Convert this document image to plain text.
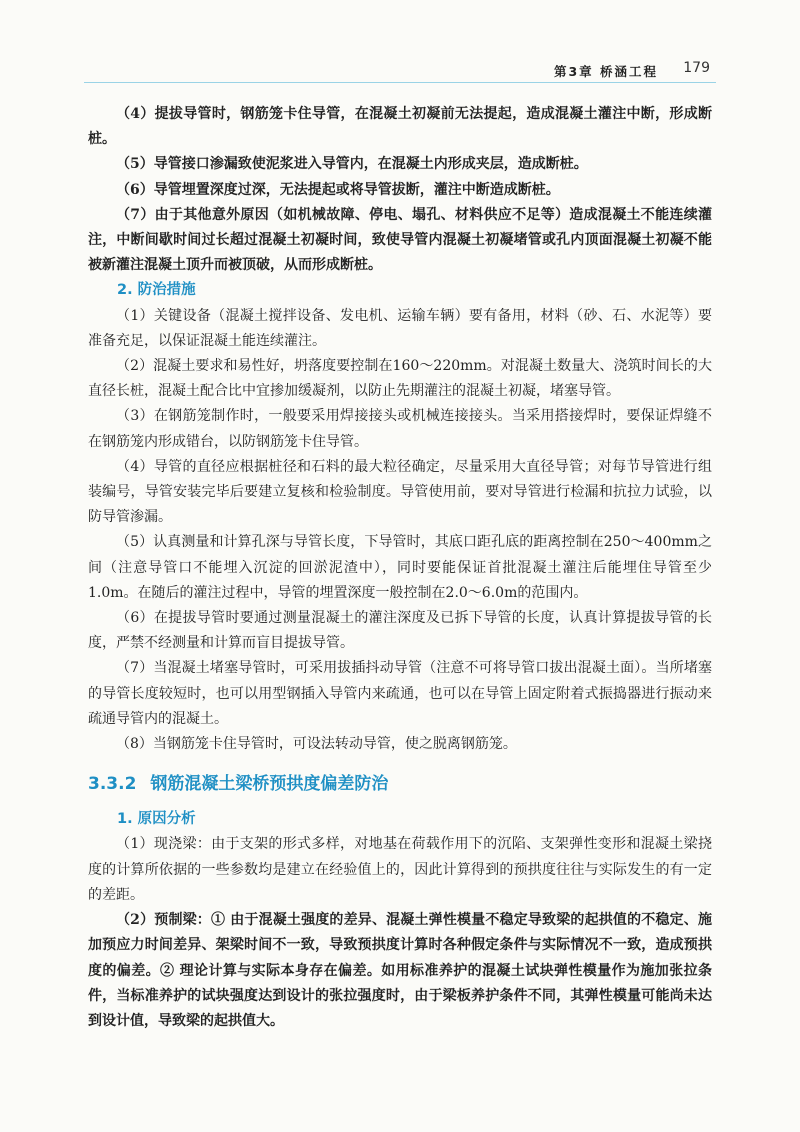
第3章 桥涵工程 179

（4）提拔导管时，钢筋笼卡住导管，在混凝土初凝前无法提起，造成混凝土灌注中断，形成断桩。

（5）导管接口渗漏致使泥浆进入导管内，在混凝土内形成夹层，造成断桩。

（6）导管埋置深度过深，无法提起或将导管拔断，灌注中断造成断桩。

（7）由于其他意外原因（如机械故障、停电、塌孔、材料供应不足等）造成混凝土不能连续灌注，中断间歇时间过长超过混凝土初凝时间，致使导管内混凝土初凝堵管或孔内顶面混凝土初凝不能被新灌注混凝土顶升而被顶破，从而形成断桩。

2. 防治措施

（1）关键设备（混凝土搅拌设备、发电机、运输车辆）要有备用，材料（砂、石、水泥等）要准备充足，以保证混凝土能连续灌注。

（2）混凝土要求和易性好，坍落度要控制在160～220mm。对混凝土数量大、浇筑时间长的大直径长桩，混凝土配合比中宜掺加缓凝剂，以防止先期灌注的混凝土初凝，堵塞导管。

（3）在钢筋笼制作时，一般要采用焊接接头或机械连接接头。当采用搭接焊时，要保证焊缝不在钢筋笼内形成错台，以防钢筋笼卡住导管。

（4）导管的直径应根据桩径和石料的最大粒径确定，尽量采用大直径导管；对每节导管进行组装编号，导管安装完毕后要建立复核和检验制度。导管使用前，要对导管进行检漏和抗拉力试验，以防导管渗漏。

（5）认真测量和计算孔深与导管长度，下导管时，其底口距孔底的距离控制在250～400mm之间（注意导管口不能埋入沉淀的回淤泥渣中），同时要能保证首批混凝土灌注后能埋住导管至少1.0m。在随后的灌注过程中，导管的埋置深度一般控制在2.0～6.0m的范围内。

（6）在提拔导管时要通过测量混凝土的灌注深度及已拆下导管的长度，认真计算提拔导管的长度，严禁不经测量和计算而盲目提拔导管。

（7）当混凝土堵塞导管时，可采用拔插抖动导管（注意不可将导管口拔出混凝土面）。当所堵塞的导管长度较短时，也可以用型钢插入导管内来疏通，也可以在导管上固定附着式振捣器进行振动来疏通导管内的混凝土。

（8）当钢筋笼卡住导管时，可设法转动导管，使之脱离钢筋笼。

3.3.2 钢筋混凝土梁桥预拱度偏差防治
1. 原因分析

（1）现浇梁：由于支架的形式多样，对地基在荷载作用下的沉陷、支架弹性变形和混凝土梁挠度的计算所依据的一些参数均是建立在经验值上的，因此计算得到的预拱度往往与实际发生的有一定的差距。

（2）预制梁：① 由于混凝土强度的差异、混凝土弹性模量不稳定导致梁的起拱值的不稳定、施加预应力时间差异、架梁时间不一致，导致预拱度计算时各种假定条件与实际情况不一致，造成预拱度的偏差。② 理论计算与实际本身存在偏差。如用标准养护的混凝土试块弹性模量作为施加张拉条件，当标准养护的试块强度达到设计的张拉强度时，由于梁板养护条件不同，其弹性模量可能尚未达到设计值，导致梁的起拱值大。
